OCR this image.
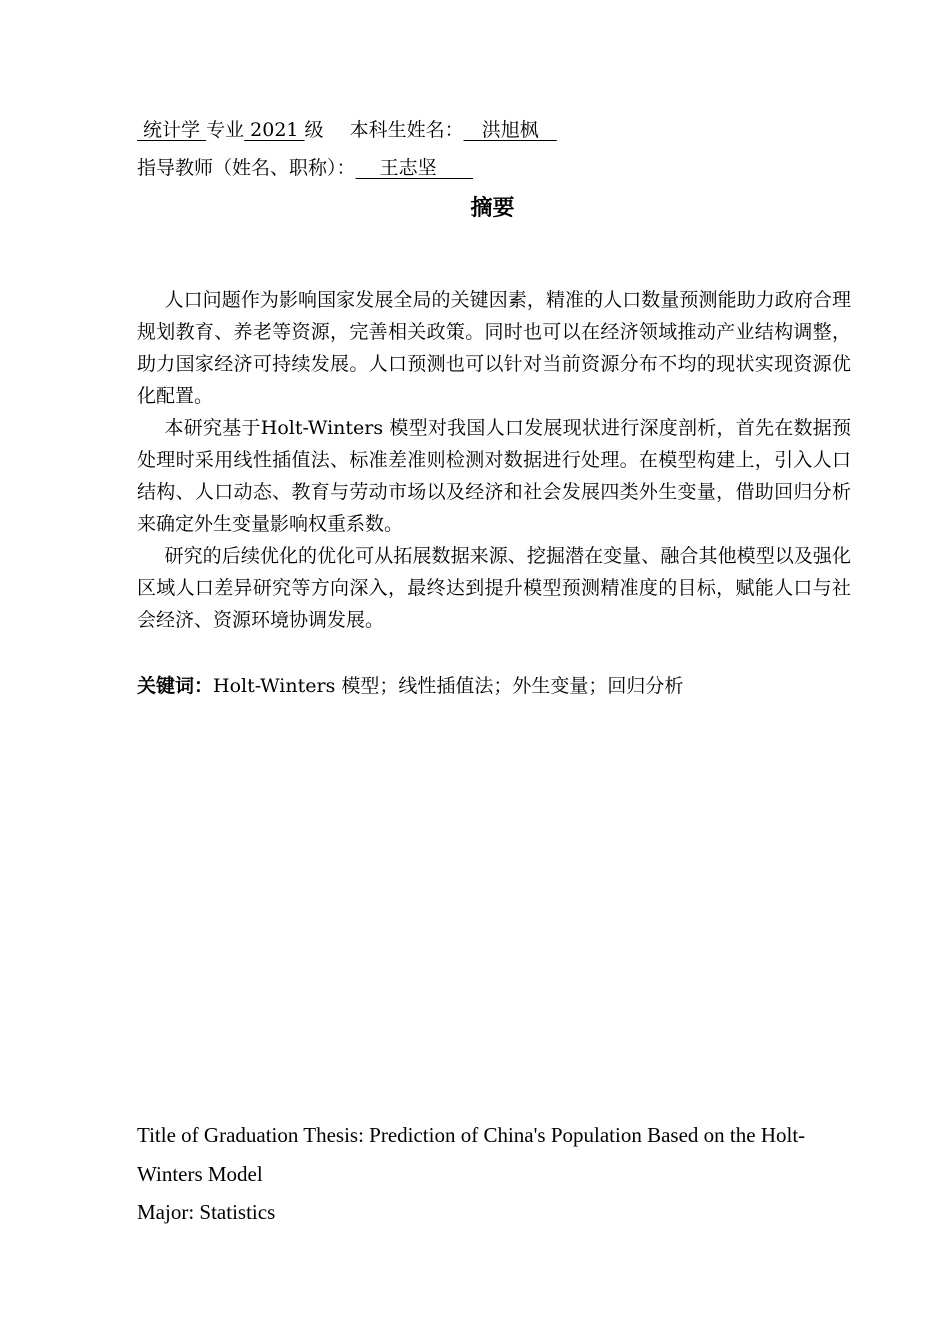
统计学 专业 2021 级 本科生姓名：   洪旭枫
指导教师（姓名、职称）：    王志坚
摘要

人口问题作为影响国家发展全局的关键因素，精准的人口数量预测能助力政府合理规划教育、养老等资源，完善相关政策。同时也可以在经济领域推动产业结构调整，助力国家经济可持续发展。人口预测也可以针对当前资源分布不均的现状实现资源优化配置。

本研究基于Holt-Winters 模型对我国人口发展现状进行深度剖析，首先在数据预处理时采用线性插值法、标准差准则检测对数据进行处理。在模型构建上，引入人口结构、人口动态、教育与劳动市场以及经济和社会发展四类外生变量，借助回归分析来确定外生变量影响权重系数。

研究的后续优化的优化可从拓展数据来源、挖掘潜在变量、融合其他模型以及强化区域人口差异研究等方向深入，最终达到提升模型预测精准度的目标，赋能人口与社会经济、资源环境协调发展。

关键词：Holt-Winters 模型；线性插值法；外生变量；回归分析

Title of Graduation Thesis: Prediction of China's Population Based on the Holt-Winters Model

Major: Statistics
